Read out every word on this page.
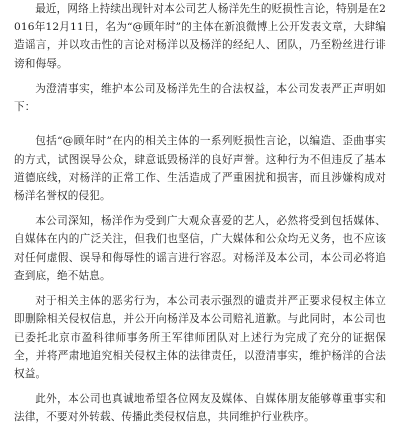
最近，网络上持续出现针对本公司艺人杨洋先生的贬损性言论，特别是在2016年12月11日，名为“@顾年时”的主体在新浪微博上公开发表文章，大肆编造谣言，并以攻击性的言论对杨洋以及杨洋的经纪人、团队，乃至粉丝进行诽谤和侮辱。

为澄清事实，维护本公司及杨洋先生的合法权益，本公司发表严正声明如下：

包括“@顾年时”在内的相关主体的一系列贬损性言论，以编造、歪曲事实的方式，试图误导公众，肆意诋毁杨洋的良好声誉。这种行为不但违反了基本道德底线，对杨洋的正常工作、生活造成了严重困扰和损害，而且涉嫌构成对杨洋名誉权的侵犯。

本公司深知，杨洋作为受到广大观众喜爱的艺人，必然将受到包括媒体、自媒体在内的广泛关注，但我们也坚信，广大媒体和公众均无义务，也不应该对任何虚假、误导和侮辱性的谣言进行容忍。对杨洋及本公司，本公司必将追查到底，绝不姑息。

对于相关主体的恶劣行为，本公司表示强烈的谴责并严正要求侵权主体立即删除相关侵权信息，并公开向杨洋及本公司赔礼道歉。与此同时，本公司也已委托北京市盈科律师事务所王军律师团队对上述行为完成了充分的证据保全，并将严肃地追究相关侵权主体的法律责任，以澄清事实，维护杨洋的合法权益。

此外，本公司也真诚地希望各位网友及媒体、自媒体朋友能够尊重事实和法律，不要对外转载、传播此类侵权信息，共同维护行业秩序。
